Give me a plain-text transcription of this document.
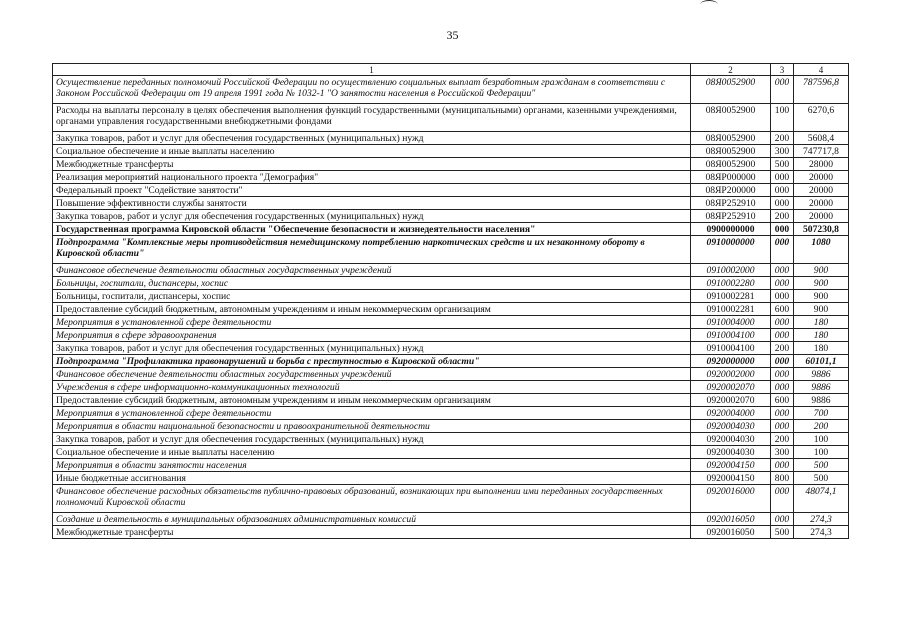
35
1	2	3	4
Осуществление переданных полномочий Российской Федерации по осуществлению социальных выплат безработным гражданам в соответствии с Законом Российской Федерации от 19 апреля 1991 года № 1032-1 "О занятости населения в Российской Федерации"	08Я0052900	000	787596,8
Расходы на выплаты персоналу в целях обеспечения выполнения функций государственными (муниципальными) органами, казенными учреждениями, органами управления государственными внебюджетными фондами	08Я0052900	100	6270,6
Закупка товаров, работ и услуг для обеспечения государственных (муниципальных) нужд	08Я0052900	200	5608,4
Социальное обеспечение и иные выплаты населению	08Я0052900	300	747717,8
Межбюджетные трансферты	08Я0052900	500	28000
Реализация мероприятий национального проекта "Демография"	08ЯР000000	000	20000
Федеральный проект "Содействие занятости"	08ЯР200000	000	20000
Повышение эффективности службы занятости	08ЯР252910	000	20000
Закупка товаров, работ и услуг для обеспечения государственных (муниципальных) нужд	08ЯР252910	200	20000
Государственная программа Кировской области "Обеспечение безопасности и жизнедеятельности населения"	0900000000	000	507230,8
Подпрограмма "Комплексные меры противодействия немедицинскому потреблению наркотических средств и их незаконному обороту в Кировской области"	0910000000	000	1080
Финансовое обеспечение деятельности областных государственных учреждений	0910002000	000	900
Больницы, госпитали, диспансеры, хоспис	0910002280	000	900
Больницы, госпитали, диспансеры, хоспис	0910002281	000	900
Предоставление субсидий бюджетным, автономным учреждениям и иным некоммерческим организациям	0910002281	600	900
Мероприятия в установленной сфере деятельности	0910004000	000	180
Мероприятия в сфере здравоохранения	0910004100	000	180
Закупка товаров, работ и услуг для обеспечения государственных (муниципальных) нужд	0910004100	200	180
Подпрограмма "Профилактика правонарушений и борьба с преступностью в Кировской области"	0920000000	000	60101,1
Финансовое обеспечение деятельности областных государственных учреждений	0920002000	000	9886
Учреждения в сфере информационно-коммуникационных технологий	0920002070	000	9886
Предоставление субсидий бюджетным, автономным учреждениям и иным некоммерческим организациям	0920002070	600	9886
Мероприятия в установленной сфере деятельности	0920004000	000	700
Мероприятия в области национальной безопасности и правоохранительной деятельности	0920004030	000	200
Закупка товаров, работ и услуг для обеспечения государственных (муниципальных) нужд	0920004030	200	100
Социальное обеспечение и иные выплаты населению	0920004030	300	100
Мероприятия в области занятости населения	0920004150	000	500
Иные бюджетные ассигнования	0920004150	800	500
Финансовое обеспечение расходных обязательств публично-правовых образований, возникающих при выполнении ими переданных государственных полномочий Кировской области	0920016000	000	48074,1
Создание и деятельность в муниципальных образованиях административных комиссий	0920016050	000	274,3
Межбюджетные трансферты	0920016050	500	274,3
